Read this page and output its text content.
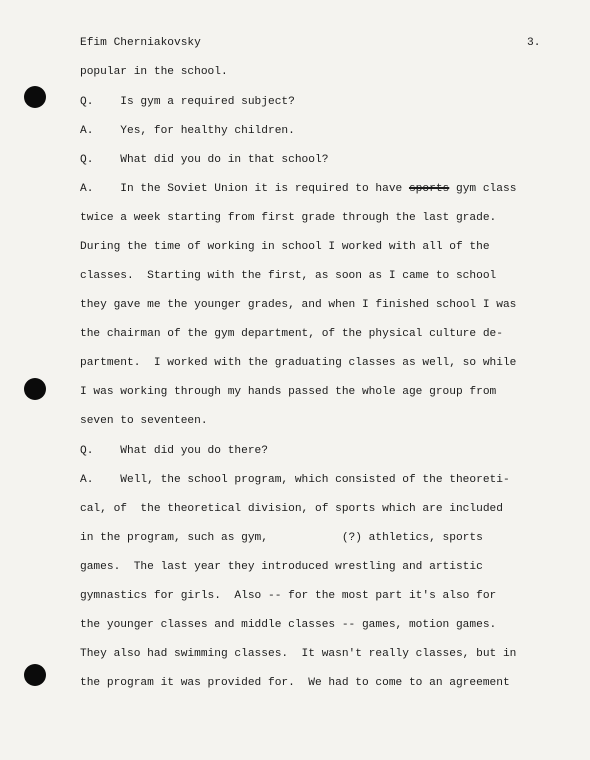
Efim Cherniakovsky	3.
popular in the school.
Q.    Is gym a required subject?
A.    Yes, for healthy children.
Q.    What did you do in that school?
A.    In the Soviet Union it is required to have sports gym class
twice a week starting from first grade through the last grade.
During the time of working in school I worked with all of the
classes.  Starting with the first, as soon as I came to school
they gave me the younger grades, and when I finished school I was
the chairman of the gym department, of the physical culture de-
partment.  I worked with the graduating classes as well, so while
I was working through my hands passed the whole age group from
seven to seventeen.
Q.    What did you do there?
A.    Well, the school program, which consisted of the theoreti-
cal, of  the theoretical division, of sports which are included
in the program, such as gym,           (?) athletics, sports
games.  The last year they introduced wrestling and artistic
gymnastics for girls.  Also -- for the most part it's also for
the younger classes and middle classes -- games, motion games.
They also had swimming classes.  It wasn't really classes, but in
the program it was provided for.  We had to come to an agreement
